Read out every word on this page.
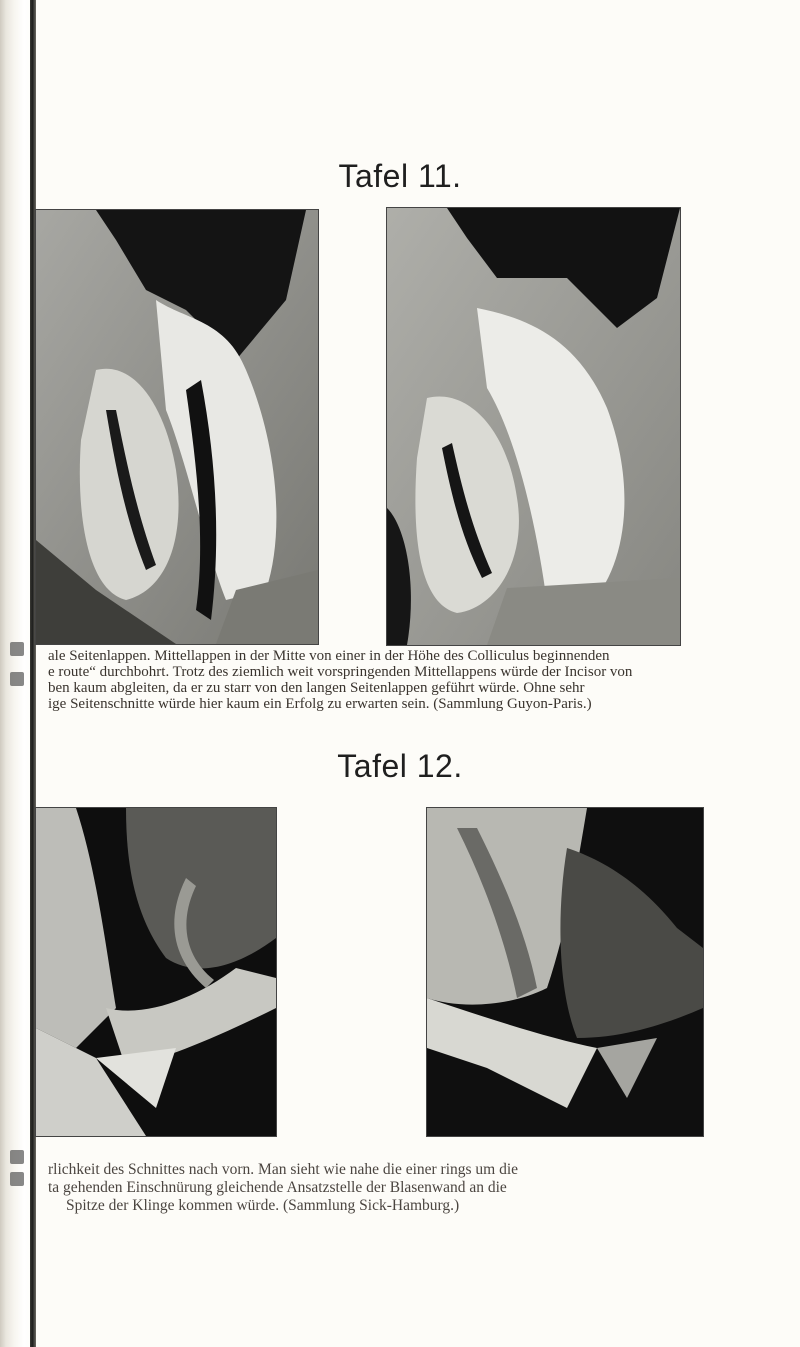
Tafel 11.
ale Seitenlappen. Mittellappen in der Mitte von einer in der Höhe des Colliculus beginnenden
e route“ durchbohrt. Trotz des ziemlich weit vorspringenden Mittellappens würde der Incisor von
ben kaum abgleiten, da er zu starr von den langen Seitenlappen geführt würde. Ohne sehr
ige Seitenschnitte würde hier kaum ein Erfolg zu erwarten sein. (Sammlung Guyon-Paris.)
Tafel 12.
rlichkeit des Schnittes nach vorn. Man sieht wie nahe die einer rings um die
ta gehenden Einschnürung gleichende Ansatzstelle der Blasenwand an die
Spitze der Klinge kommen würde. (Sammlung Sick-Hamburg.)
